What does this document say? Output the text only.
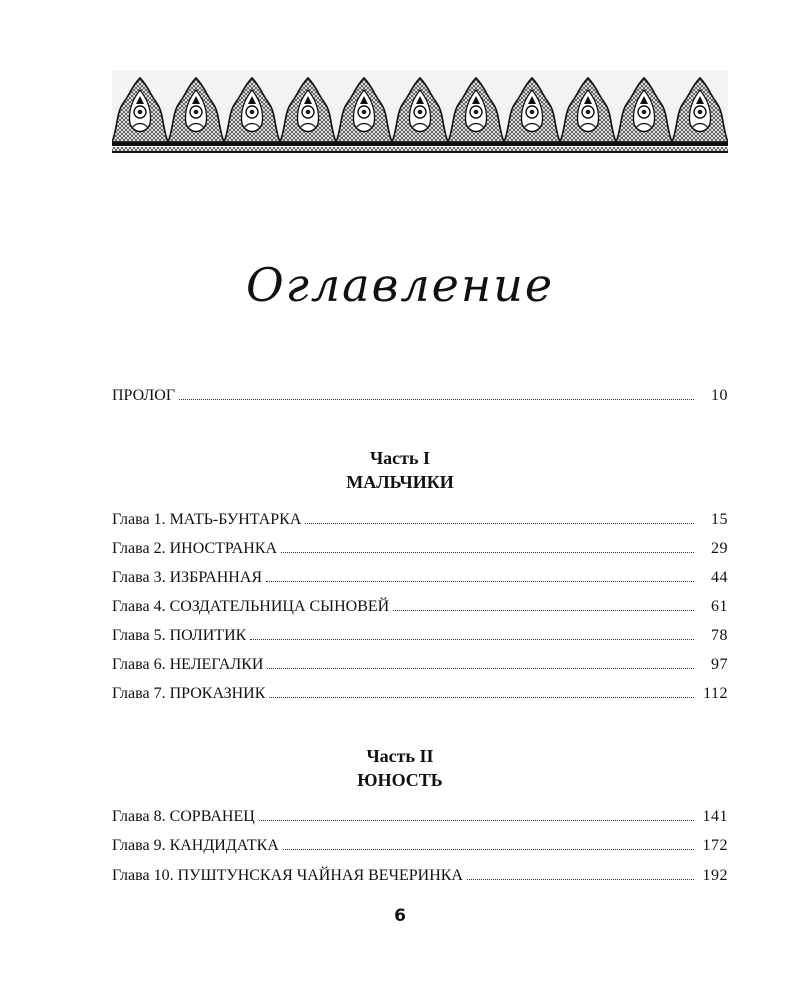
Оглавление
ПРОЛОГ	10
Часть I
МАЛЬЧИКИ
Глава 1. МАТЬ-БУНТАРКА	15
Глава 2. ИНОСТРАНКА	29
Глава 3. ИЗБРАННАЯ	44
Глава 4. СОЗДАТЕЛЬНИЦА СЫНОВЕЙ	61
Глава 5. ПОЛИТИК	78
Глава 6. НЕЛЕГАЛКИ	97
Глава 7. ПРОКАЗНИК	112
Часть II
ЮНОСТЬ
Глава 8. СОРВАНЕЦ	141
Глава 9. КАНДИДАТКА	172
Глава 10. ПУШТУНСКАЯ ЧАЙНАЯ ВЕЧЕРИНКА	192
6
